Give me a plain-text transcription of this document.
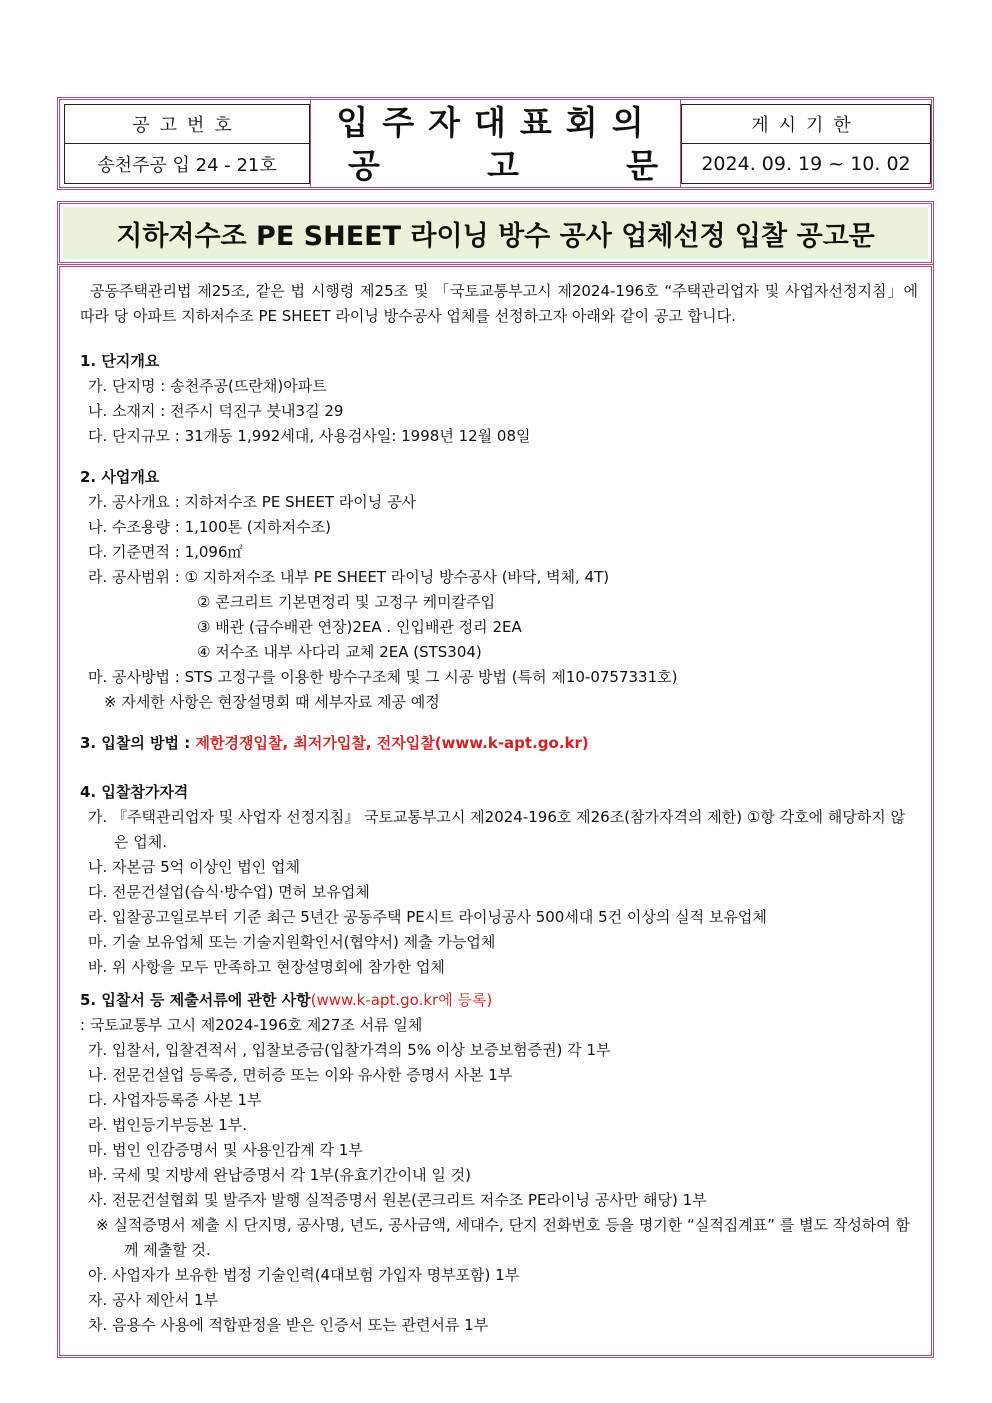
공고번호
송천주공 입 24 - 21호
입주자대표회의
공	고	문
게시기한
2024. 09. 19 ~ 10. 02
지하저수조 PE SHEET 라이닝 방수 공사 업체선정 입찰 공고문
공동주택관리법 제25조, 같은 법 시행령 제25조 및 「국토교통부고시 제2024-196호 “주택관리업자 및 사업자선정지침」에 따라 당 아파트 지하저수조 PE SHEET 라이닝 방수공사 업체를 선정하고자 아래와 같이 공고 합니다.
1. 단지개요
가. 단지명 : 송천주공(뜨란채)아파트
나. 소재지 : 전주시 덕진구 붓내3길 29
다. 단지규모 : 31개동 1,992세대, 사용검사일: 1998년 12월 08일
2. 사업개요
가. 공사개요 : 지하저수조 PE SHEET 라이닝 공사
나. 수조용량 : 1,100톤 (지하저수조)
다. 기준면적 : 1,096㎡
라. 공사범위 : ① 지하저수조 내부 PE SHEET 라이닝 방수공사 (바닥, 벽체, 4T)
② 콘크리트 기본면정리 및 고정구 케미칼주입
③ 배관 (급수배관 연장)2EA . 인입배관 정리 2EA
④ 저수조 내부 사다리 교체 2EA (STS304)
마. 공사방법 : STS 고정구를 이용한 방수구조체 및 그 시공 방법 (특허 제10-0757331호)
※ 자세한 사항은 현장설명회 때 세부자료 제공 예정
3. 입찰의 방법 : 제한경쟁입찰, 최저가입찰, 전자입찰(www.k-apt.go.kr)
4. 입찰참가자격
가. 『주택관리업자 및 사업자 선정지침』 국토교통부고시 제2024-196호 제26조(참가자격의 제한) ①항 각호에 해당하지 않은 업체.
나. 자본금 5억 이상인 법인 업체
다. 전문건설업(습식·방수업) 면허 보유업체
라. 입찰공고일로부터 기준 최근 5년간 공동주택 PE시트 라이닝공사 500세대 5건 이상의 실적 보유업체
마. 기술 보유업체 또는 기술지원확인서(협약서) 제출 가능업체
바. 위 사항을 모두 만족하고 현장설명회에 참가한 업체
5. 입찰서 등 제출서류에 관한 사항(www.k-apt.go.kr에 등록)
: 국토교통부 고시 제2024-196호 제27조 서류 일체
가. 입찰서, 입찰견적서 , 입찰보증금(입찰가격의 5% 이상 보증보험증권) 각 1부
나. 전문건설업 등록증, 면허증 또는 이와 유사한 증명서 사본 1부
다. 사업자등록증 사본 1부
라. 법인등기부등본 1부.
마. 법인 인감증명서 및 사용인감계 각 1부
바. 국세 및 지방세 완납증명서 각 1부(유효기간이내 일 것)
사. 전문건설협회 및 발주자 발행 실적증명서 원본(콘크리트 저수조 PE라이닝 공사만 해당) 1부
※ 실적증명서 제출 시 단지명, 공사명, 년도, 공사금액, 세대수, 단지 전화번호 등을 명기한 “실적집계표” 를 별도 작성하여 함께 제출할 것.
아. 사업자가 보유한 법정 기술인력(4대보험 가입자 명부포함) 1부
자. 공사 제안서 1부
차. 음용수 사용에 적합판정을 받은 인증서 또는 관련서류 1부
